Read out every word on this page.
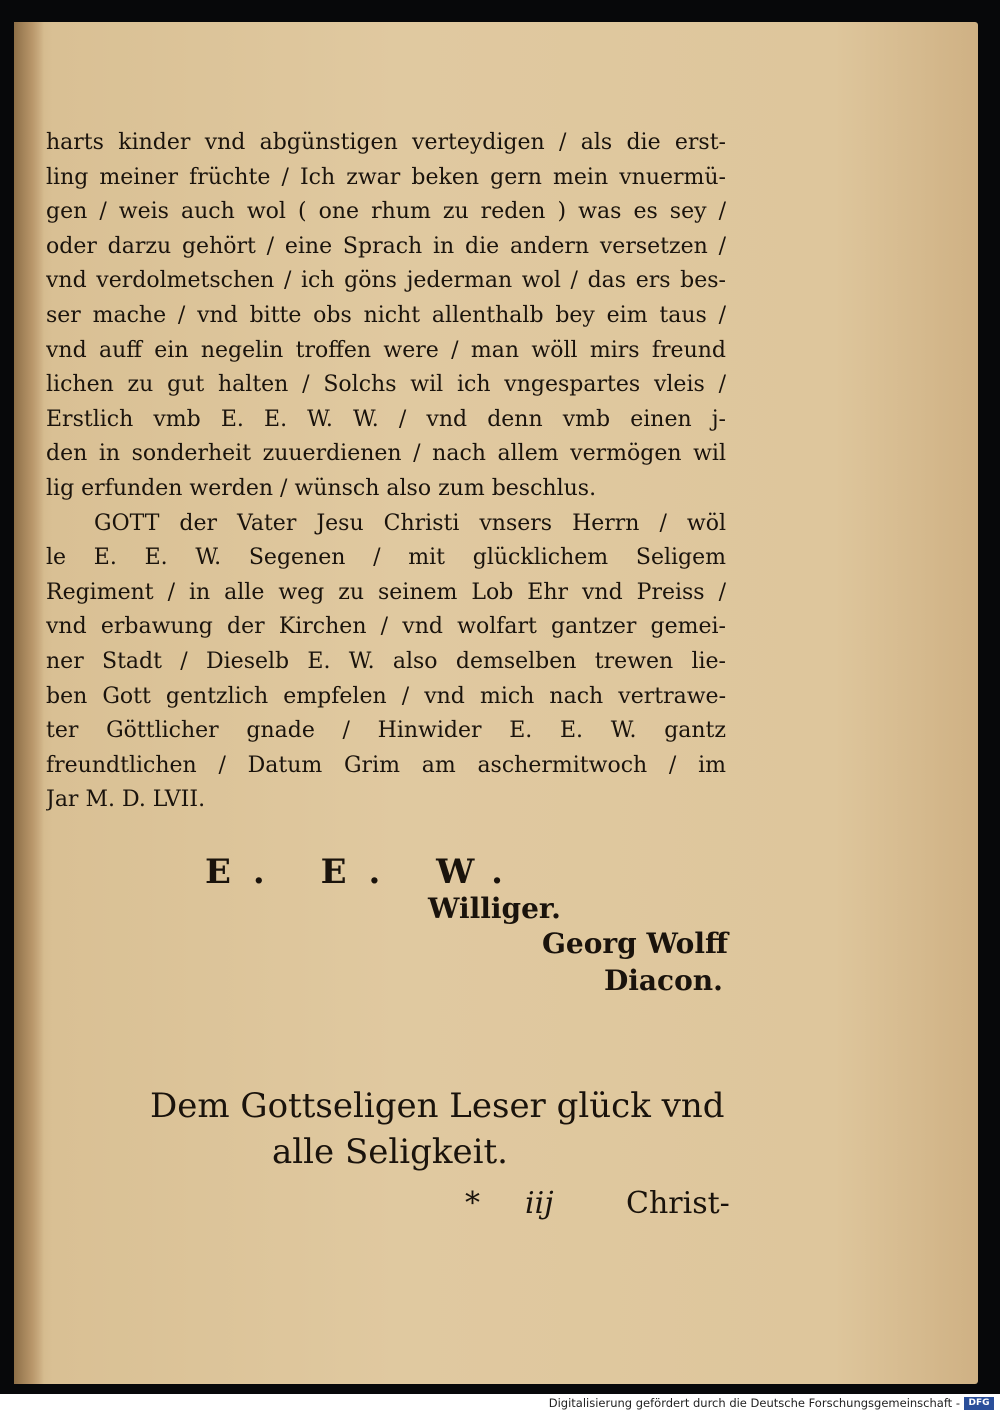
harts kinder vnd abgünstigen verteydigen / als die erst-
ling meiner früchte / Ich zwar beken gern mein vnuermü-
gen / weis auch wol ( one rhum zu reden ) was es sey /
oder darzu gehört / eine Sprach in die andern versetzen /
vnd verdolmetschen / ich göns jederman wol / das ers bes-
ser mache / vnd bitte obs nicht allenthalb bey eim taus /
vnd auff ein negelin troffen were / man wöll mirs freund
lichen zu gut halten / Solchs wil ich vngespartes vleis /
Erstlich vmb E. E. W. W. / vnd denn vmb einen j-
den in sonderheit zuuerdienen / nach allem vermögen wil
lig erfunden werden / wünsch also zum beschlus.
GOTT der Vater Jesu Christi vnsers Herrn / wöl
le E. E. W. Segenen / mit glücklichem Seligem
Regiment / in alle weg zu seinem Lob Ehr vnd Preiss /
vnd erbawung der Kirchen / vnd wolfart gantzer gemei-
ner Stadt / Dieselb E. W. also demselben trewen lie-
ben Gott gentzlich empfelen / vnd mich nach vertrawe-
ter Göttlicher gnade / Hinwider E. E. W. gantz
freundtlichen / Datum Grim am aschermitwoch / im
Jar M. D. LVII.
E. E. W.
Williger.
Georg Wolff
Diacon.
Dem Gottseligen Leser glück vnd
alle Seligkeit.
* iij Christ-
Digitalisierung gefördert durch die Deutsche Forschungsgemeinschaft - DFG
